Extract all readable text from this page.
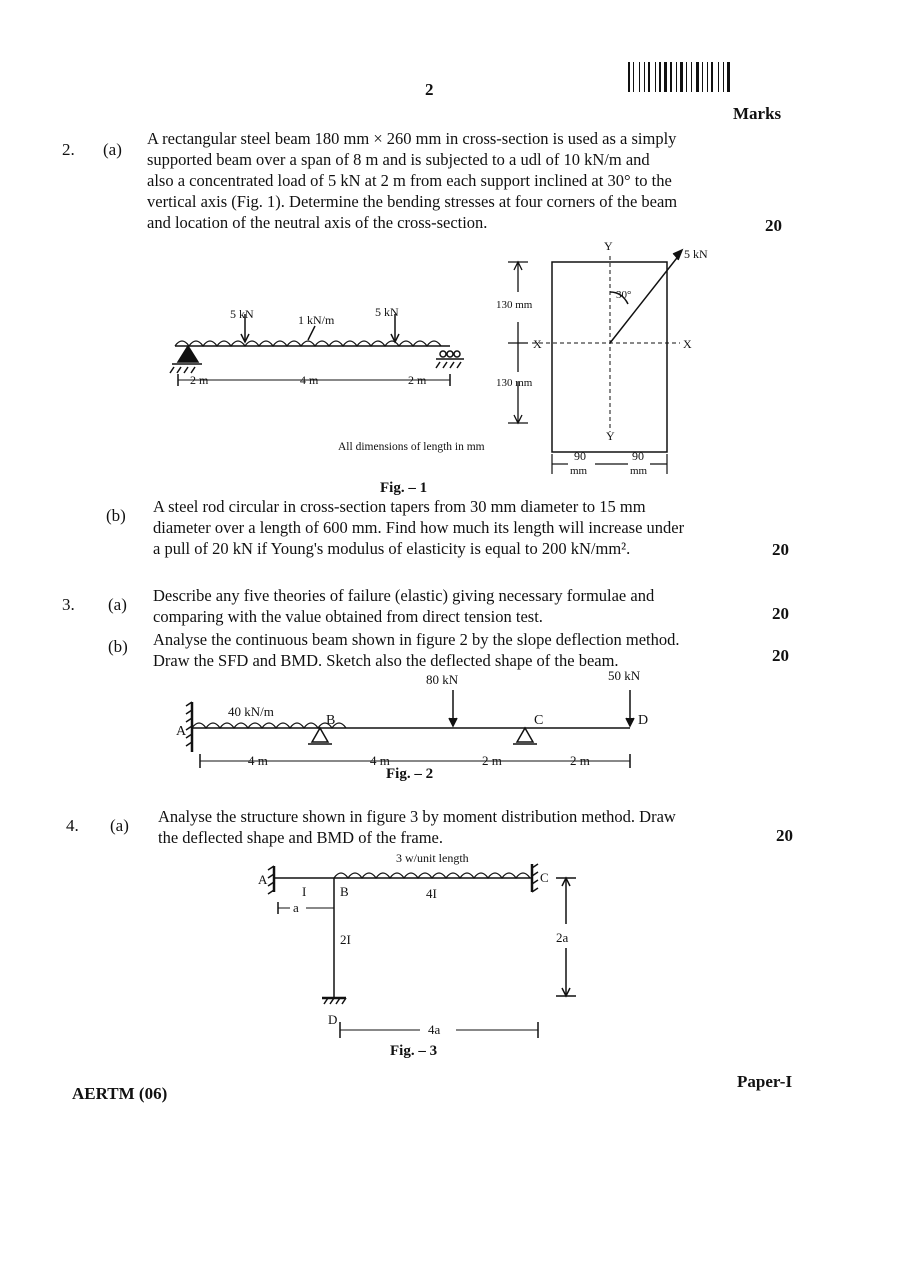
2
Marks
2. (a)
A rectangular steel beam 180 mm × 260 mm in cross-section is used as a simply
supported beam over a span of 8 m and is subjected to a udl of 10 kN/m and
also a concentrated load of 5 kN at 2 m from each support inclined at 30° to the
vertical axis (Fig. 1). Determine the bending stresses at four corners of the beam
and location of the neutral axis of the cross-section.	20
5 kN	1 kN/m
5 kN
2 m	4 m	2 m
130 mm
130 mm
Y
Y
X	X
5 kN
30°
90	90
mm	mm
All dimensions of length in mm
Fig. – 1
(b) A steel rod circular in cross-section tapers from 30 mm diameter to 15 mm
diameter over a length of 600 mm. Find how much its length will increase under
a pull of 20 kN if Young's modulus of elasticity is equal to 200 kN/mm².	20
3. (a) Describe any five theories of failure (elastic) giving necessary formulae and
comparing with the value obtained from direct tension test.	20
(b) Analyse the continuous beam shown in figure 2 by the slope deflection method.
Draw the SFD and BMD. Sketch also the deflected shape of the beam.	20
80 kN	50 kN
40 kN/m
A
B	C	D
4 m	4 m	2 m	2 m
Fig. – 2
4. (a) Analyse the structure shown in figure 3 by moment distribution method. Draw
the deflected shape and BMD of the frame.	20
3 w/unit length
A
B
C
D
I	4I
2I
a
2a
4a
Fig. – 3
AERTM (06)
Paper-I
